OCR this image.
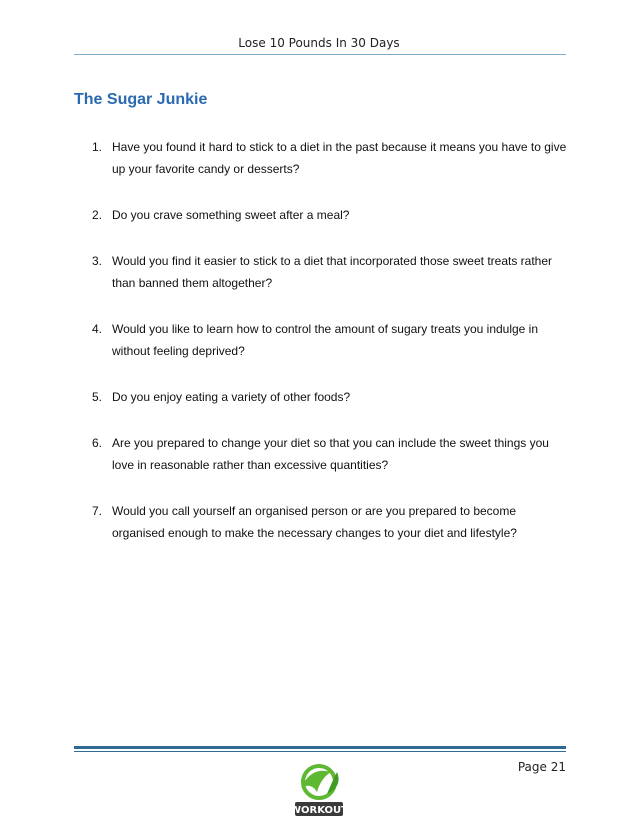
Lose 10 Pounds In 30 Days
The Sugar Junkie
1. Have you found it hard to stick to a diet in the past because it means you have to give up your favorite candy or desserts?
2. Do you crave something sweet after a meal?
3. Would you find it easier to stick to a diet that incorporated those sweet treats rather than banned them altogether?
4. Would you like to learn how to control the amount of sugary treats you indulge in without feeling deprived?
5. Do you enjoy eating a variety of other foods?
6. Are you prepared to change your diet so that you can include the sweet things you love in reasonable rather than excessive quantities?
7. Would you call yourself an organised person or are you prepared to become organised enough to make the necessary changes to your diet and lifestyle?
Page 21
WORKOUT
